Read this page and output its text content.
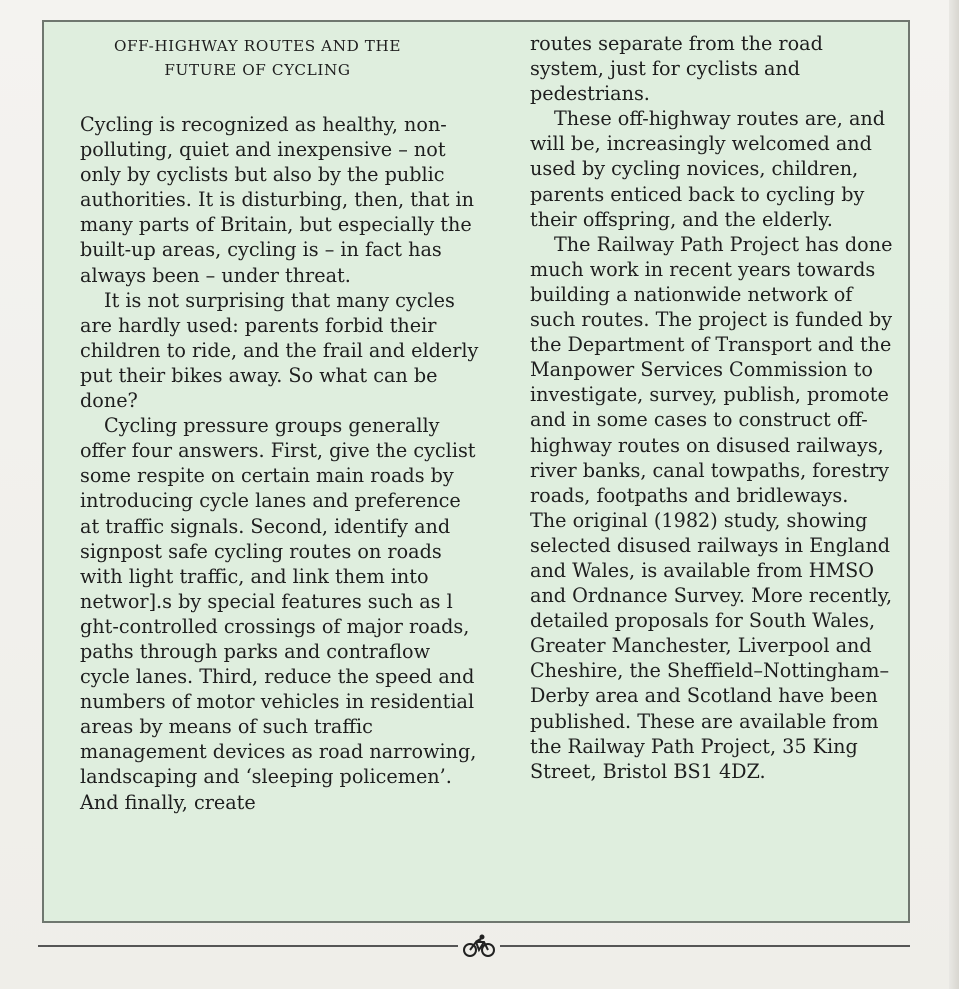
OFF-HIGHWAY ROUTES AND THE FUTURE OF CYCLING

Cycling is recognized as healthy, non-polluting, quiet and inexpensive – not only by cyclists but also by the public authorities. It is disturbing, then, that in many parts of Britain, but especially the built-up areas, cycling is – in fact has always been – under threat.

It is not surprising that many cycles are hardly used: parents forbid their children to ride, and the frail and elderly put their bikes away. So what can be done?

Cycling pressure groups generally offer four answers. First, give the cyclist some respite on certain main roads by introducing cycle lanes and preference at traffic signals. Second, identify and signpost safe cycling routes on roads with light traffic, and link them into networ].s by special features such as l ght-controlled crossings of major roads, paths through parks and contraflow cycle lanes. Third, reduce the speed and numbers of motor vehicles in residential areas by means of such traffic management devices as road narrowing, landscaping and ‘sleeping policemen’. And finally, create

routes separate from the road system, just for cyclists and pedestrians.

These off-highway routes are, and will be, increasingly welcomed and used by cycling novices, children, parents enticed back to cycling by their offspring, and the elderly.

The Railway Path Project has done much work in recent years towards building a nationwide network of such routes. The project is funded by the Department of Transport and the Manpower Services Commission to investigate, survey, publish, promote and in some cases to construct off-highway routes on disused railways, river banks, canal towpaths, forestry roads, footpaths and bridleways.

The original (1982) study, showing selected disused railways in England and Wales, is available from HMSO and Ordnance Survey. More recently, detailed proposals for South Wales, Greater Manchester, Liverpool and Cheshire, the Sheffield–Nottingham–Derby area and Scotland have been published. These are available from the Railway Path Project, 35 King Street, Bristol BS1 4DZ.
